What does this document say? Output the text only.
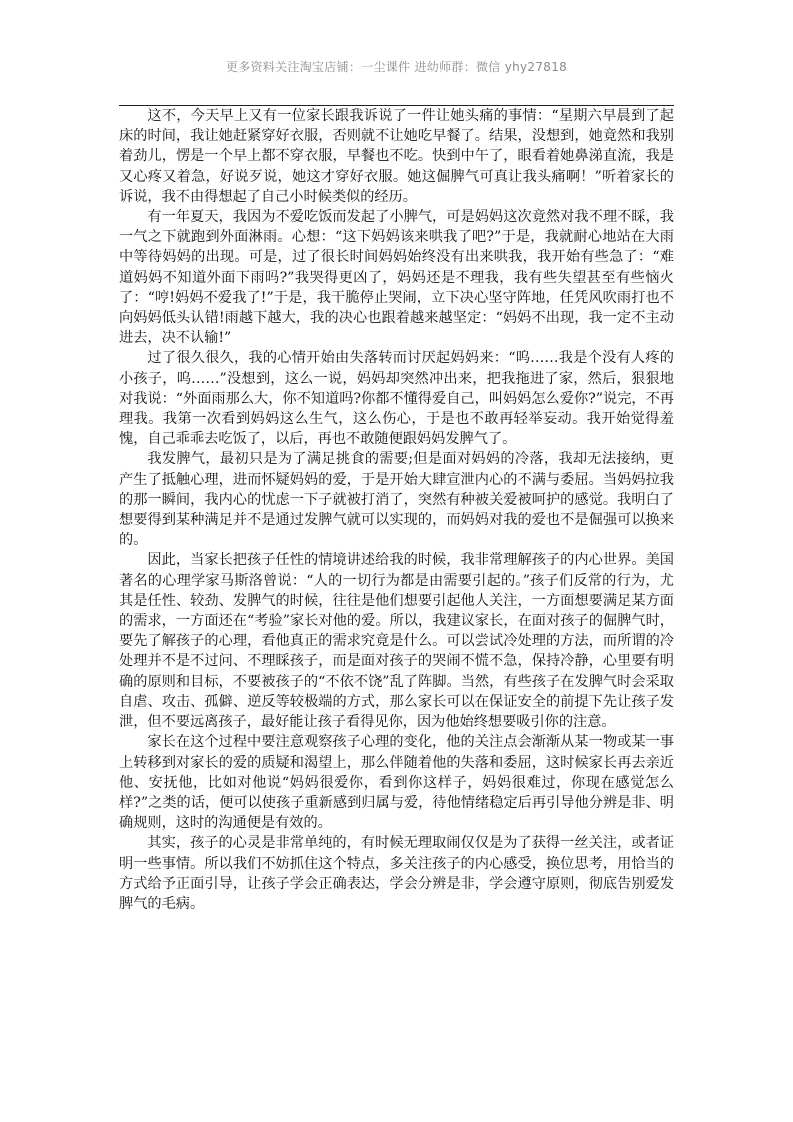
更多资料关注淘宝店铺：一尘课件 进幼师群：微信 yhy27818

这不，今天早上又有一位家长跟我诉说了一件让她头痛的事情：“星期六早晨到了起床的时间，我让她赶紧穿好衣服，否则就不让她吃早餐了。结果，没想到，她竟然和我别着劲儿，愣是一个早上都不穿衣服，早餐也不吃。快到中午了，眼看着她鼻涕直流，我是又心疼又着急，好说歹说，她这才穿好衣服。她这倔脾气可真让我头痛啊！”听着家长的诉说，我不由得想起了自己小时候类似的经历。

有一年夏天，我因为不爱吃饭而发起了小脾气，可是妈妈这次竟然对我不理不睬，我一气之下就跑到外面淋雨。心想：“这下妈妈该来哄我了吧?”于是，我就耐心地站在大雨中等待妈妈的出现。可是，过了很长时间妈妈始终没有出来哄我，我开始有些急了：“难道妈妈不知道外面下雨吗?”我哭得更凶了，妈妈还是不理我，我有些失望甚至有些恼火了：“哼!妈妈不爱我了!”于是，我干脆停止哭闹，立下决心坚守阵地，任凭风吹雨打也不向妈妈低头认错!雨越下越大，我的决心也跟着越来越坚定：“妈妈不出现，我一定不主动进去，决不认输!”

过了很久很久，我的心情开始由失落转而讨厌起妈妈来：“呜……我是个没有人疼的小孩子，呜……”没想到，这么一说，妈妈却突然冲出来，把我拖进了家，然后，狠狠地对我说：“外面雨那么大，你不知道吗?你都不懂得爱自己，叫妈妈怎么爱你?”说完，不再理我。我第一次看到妈妈这么生气，这么伤心，于是也不敢再轻举妄动。我开始觉得羞愧，自己乖乖去吃饭了，以后，再也不敢随便跟妈妈发脾气了。

我发脾气，最初只是为了满足挑食的需要;但是面对妈妈的冷落，我却无法接纳，更产生了抵触心理，进而怀疑妈妈的爱，于是开始大肆宣泄内心的不满与委屈。当妈妈拉我的那一瞬间，我内心的忧虑一下子就被打消了，突然有种被关爱被呵护的感觉。我明白了想要得到某种满足并不是通过发脾气就可以实现的，而妈妈对我的爱也不是倔强可以换来的。

因此，当家长把孩子任性的情境讲述给我的时候，我非常理解孩子的内心世界。美国著名的心理学家马斯洛曾说：“人的一切行为都是由需要引起的。”孩子们反常的行为，尤其是任性、较劲、发脾气的时候，往往是他们想要引起他人关注，一方面想要满足某方面的需求，一方面还在“考验”家长对他的爱。所以，我建议家长，在面对孩子的倔脾气时，要先了解孩子的心理，看他真正的需求究竟是什么。可以尝试冷处理的方法，而所谓的冷处理并不是不过问、不理睬孩子，而是面对孩子的哭闹不慌不急，保持冷静，心里要有明确的原则和目标，不要被孩子的“不依不饶”乱了阵脚。当然，有些孩子在发脾气时会采取自虐、攻击、孤僻、逆反等较极端的方式，那么家长可以在保证安全的前提下先让孩子发泄，但不要远离孩子，最好能让孩子看得见你，因为他始终想要吸引你的注意。

家长在这个过程中要注意观察孩子心理的变化，他的关注点会渐渐从某一物或某一事上转移到对家长的爱的质疑和渴望上，那么伴随着他的失落和委屈，这时候家长再去亲近他、安抚他，比如对他说“妈妈很爱你，看到你这样子，妈妈很难过，你现在感觉怎么样?”之类的话，便可以使孩子重新感到归属与爱，待他情绪稳定后再引导他分辨是非、明确规则，这时的沟通便是有效的。

其实，孩子的心灵是非常单纯的，有时候无理取闹仅仅是为了获得一丝关注，或者证明一些事情。所以我们不妨抓住这个特点，多关注孩子的内心感受，换位思考，用恰当的方式给予正面引导，让孩子学会正确表达，学会分辨是非，学会遵守原则，彻底告别爱发脾气的毛病。
